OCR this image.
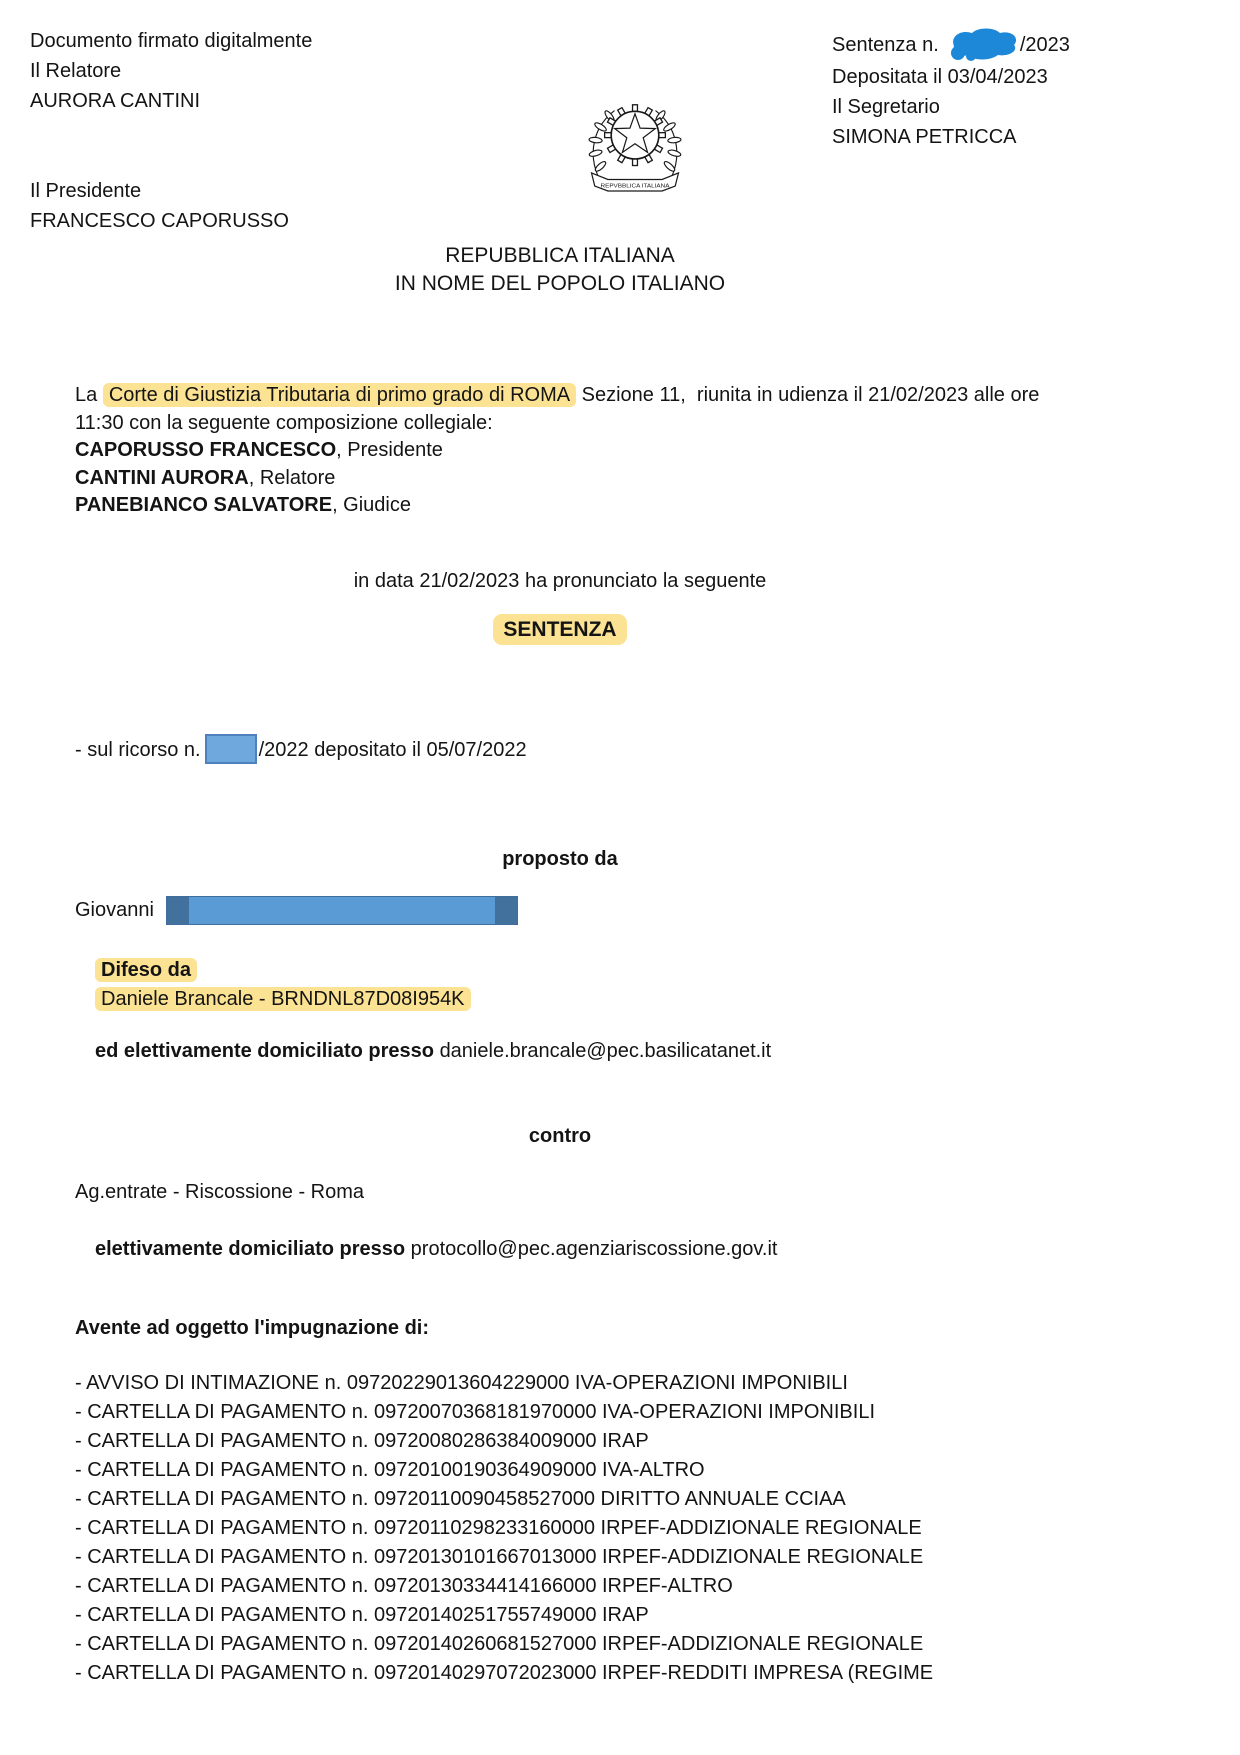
Documento firmato digitalmente
Il Relatore
AURORA CANTINI
Il Presidente
FRANCESCO CAPORUSSO
Sentenza n.	/2023
Depositata il 03/04/2023
Il Segretario
SIMONA PETRICCA
REPVBBLICA ITALIANA
REPUBBLICA ITALIANA
IN NOME DEL POPOLO ITALIANO

La Corte di Giustizia Tributaria di primo grado di ROMA Sezione 11,  riunita in udienza il 21/02/2023 alle ore 11:30 con la seguente composizione collegiale:

CAPORUSSO FRANCESCO, Presidente
CANTINI AURORA, Relatore
PANEBIANCO SALVATORE, Giudice
in data 21/02/2023 ha pronunciato la seguente
SENTENZA
- sul ricorso n.	/2022 depositato il 05/07/2022
proposto da
Giovanni
Difeso da
Daniele Brancale - BRNDNL87D08I954K
ed elettivamente domiciliato presso daniele.brancale@pec.basilicatanet.it
contro
Ag.entrate - Riscossione - Roma
elettivamente domiciliato presso protocollo@pec.agenziariscossione.gov.it
Avente ad oggetto l'impugnazione di:
- AVVISO DI INTIMAZIONE n. 09720229013604229000 IVA-OPERAZIONI IMPONIBILI
- CARTELLA DI PAGAMENTO n. 09720070368181970000 IVA-OPERAZIONI IMPONIBILI
- CARTELLA DI PAGAMENTO n. 09720080286384009000 IRAP
- CARTELLA DI PAGAMENTO n. 09720100190364909000 IVA-ALTRO
- CARTELLA DI PAGAMENTO n. 09720110090458527000 DIRITTO ANNUALE CCIAA
- CARTELLA DI PAGAMENTO n. 09720110298233160000 IRPEF-ADDIZIONALE REGIONALE
- CARTELLA DI PAGAMENTO n. 09720130101667013000 IRPEF-ADDIZIONALE REGIONALE
- CARTELLA DI PAGAMENTO n. 09720130334414166000 IRPEF-ALTRO
- CARTELLA DI PAGAMENTO n. 09720140251755749000 IRAP
- CARTELLA DI PAGAMENTO n. 09720140260681527000 IRPEF-ADDIZIONALE REGIONALE
- CARTELLA DI PAGAMENTO n. 09720140297072023000 IRPEF-REDDITI IMPRESA (REGIME
